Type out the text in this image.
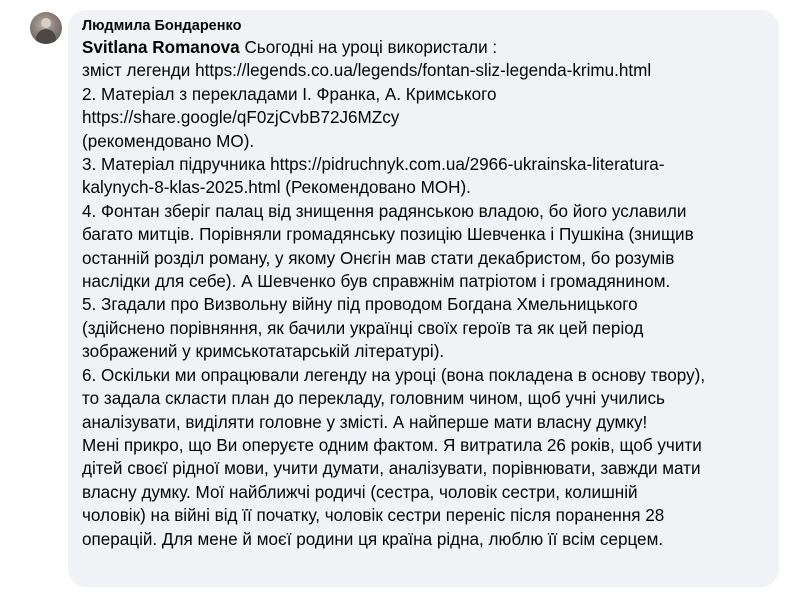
Людмила Бондаренко
Svitlana Romanova Сьогодні на уроці використали :
зміст легенди https://legends.co.ua/legends/fontan-sliz-legenda-krimu.html
2. Матеріал з перекладами І. Франка, А. Кримського
https://share.google/qF0zjCvbB72J6MZcy
(рекомендовано МО).
3. Матеріал підручника https://pidruchnyk.com.ua/2966-ukrainska-literatura-
kalynych-8-klas-2025.html (Рекомендовано МОН).
4. Фонтан зберіг палац від знищення радянською владою, бо його уславили
багато митців. Порівняли громадянську позицію Шевченка і Пушкіна (знищив
останній розділ роману, у якому Онєгін мав стати декабристом, бо розумів
наслідки для себе). А Шевченко був справжнім патріотом і громадянином.
5. Згадали про Визвольну війну під проводом Богдана Хмельницького
(здійснено порівняння, як бачили українці своїх героїв та як цей період
зображений у кримськотатарській літературі).
6. Оскільки ми опрацювали легенду на уроці (вона покладена в основу твору),
то задала скласти план до перекладу, головним чином, щоб учні учились
аналізувати, виділяти головне у змісті. А найперше мати власну думку!
Мені прикро, що Ви оперуєте одним фактом. Я витратила 26 років, щоб учити
дітей своєї рідної мови, учити думати, аналізувати, порівнювати, завжди мати
власну думку. Мої найближчі родичі (сестра, чоловік сестри, колишній
чоловік) на війні від її початку, чоловік сестри переніс після поранення 28
операцій. Для мене й моєї родини ця країна рідна, люблю її всім серцем.
